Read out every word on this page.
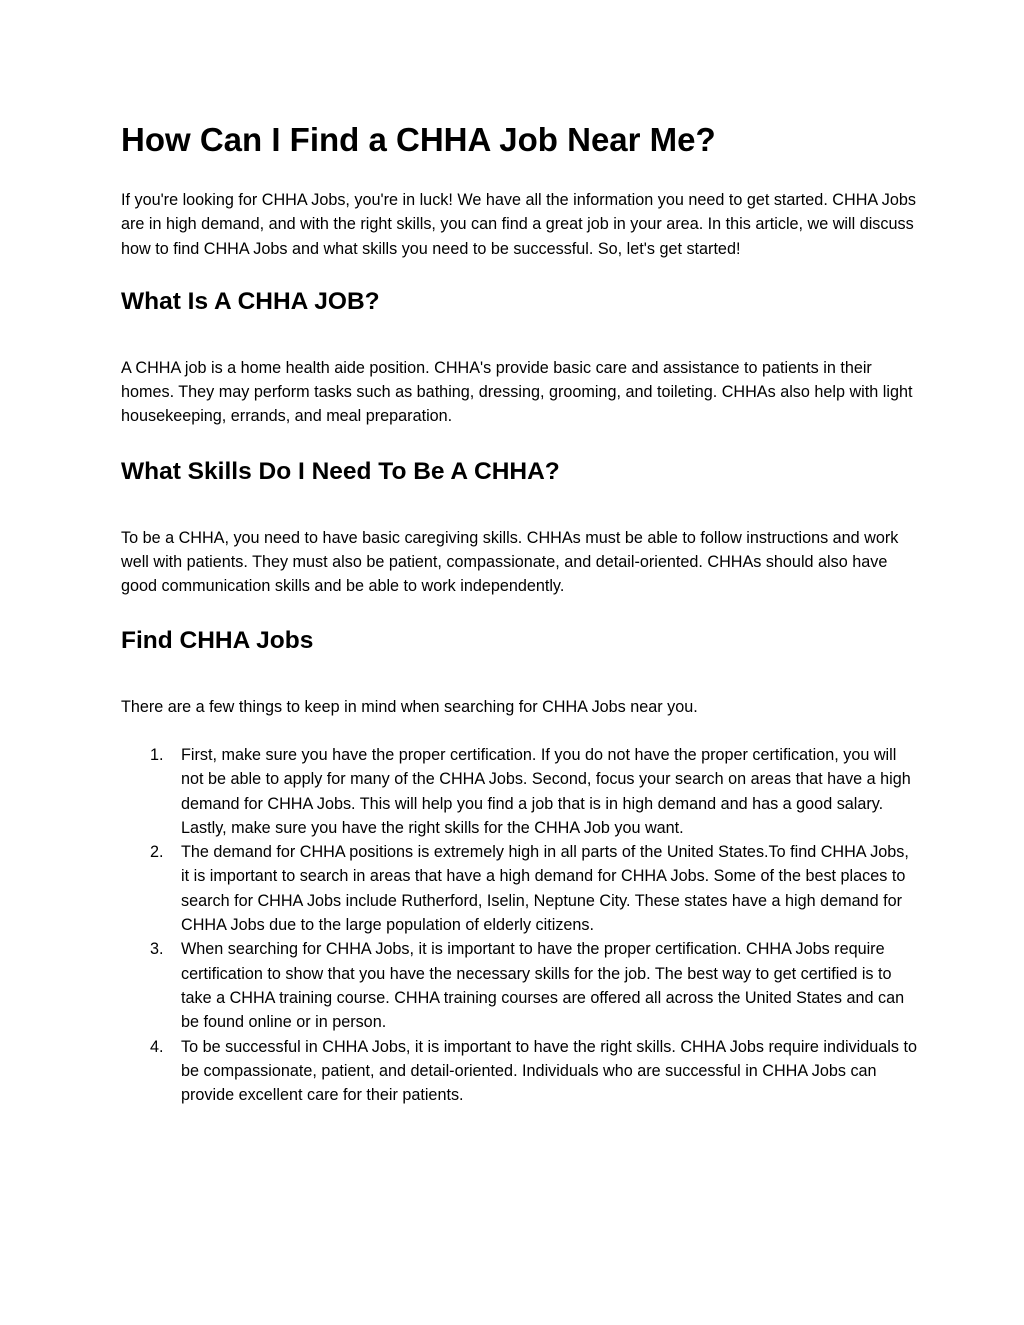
How Can I Find a CHHA Job Near Me?

If you're looking for CHHA Jobs, you're in luck! We have all the information you need to get started. CHHA Jobs are in high demand, and with the right skills, you can find a great job in your area. In this article, we will discuss how to find CHHA Jobs and what skills you need to be successful. So, let's get started!

What Is A CHHA JOB?

A CHHA job is a home health aide position. CHHA's provide basic care and assistance to patients in their homes. They may perform tasks such as bathing, dressing, grooming, and toileting. CHHAs also help with light housekeeping, errands, and meal preparation.

What Skills Do I Need To Be A CHHA?

To be a CHHA, you need to have basic caregiving skills. CHHAs must be able to follow instructions and work well with patients. They must also be patient, compassionate, and detail-oriented. CHHAs should also have good communication skills and be able to work independently.

Find CHHA Jobs

There are a few things to keep in mind when searching for CHHA Jobs near you.

1. First, make sure you have the proper certification. If you do not have the proper certification, you will not be able to apply for many of the CHHA Jobs. Second, focus your search on areas that have a high demand for CHHA Jobs. This will help you find a job that is in high demand and has a good salary. Lastly, make sure you have the right skills for the CHHA Job you want.
2. The demand for CHHA positions is extremely high in all parts of the United States.To find CHHA Jobs, it is important to search in areas that have a high demand for CHHA Jobs. Some of the best places to search for CHHA Jobs include Rutherford, Iselin, Neptune City. These states have a high demand for CHHA Jobs due to the large population of elderly citizens.
3. When searching for CHHA Jobs, it is important to have the proper certification. CHHA Jobs require certification to show that you have the necessary skills for the job. The best way to get certified is to take a CHHA training course. CHHA training courses are offered all across the United States and can be found online or in person.
4. To be successful in CHHA Jobs, it is important to have the right skills. CHHA Jobs require individuals to be compassionate, patient, and detail-oriented. Individuals who are successful in CHHA Jobs can provide excellent care for their patients.
